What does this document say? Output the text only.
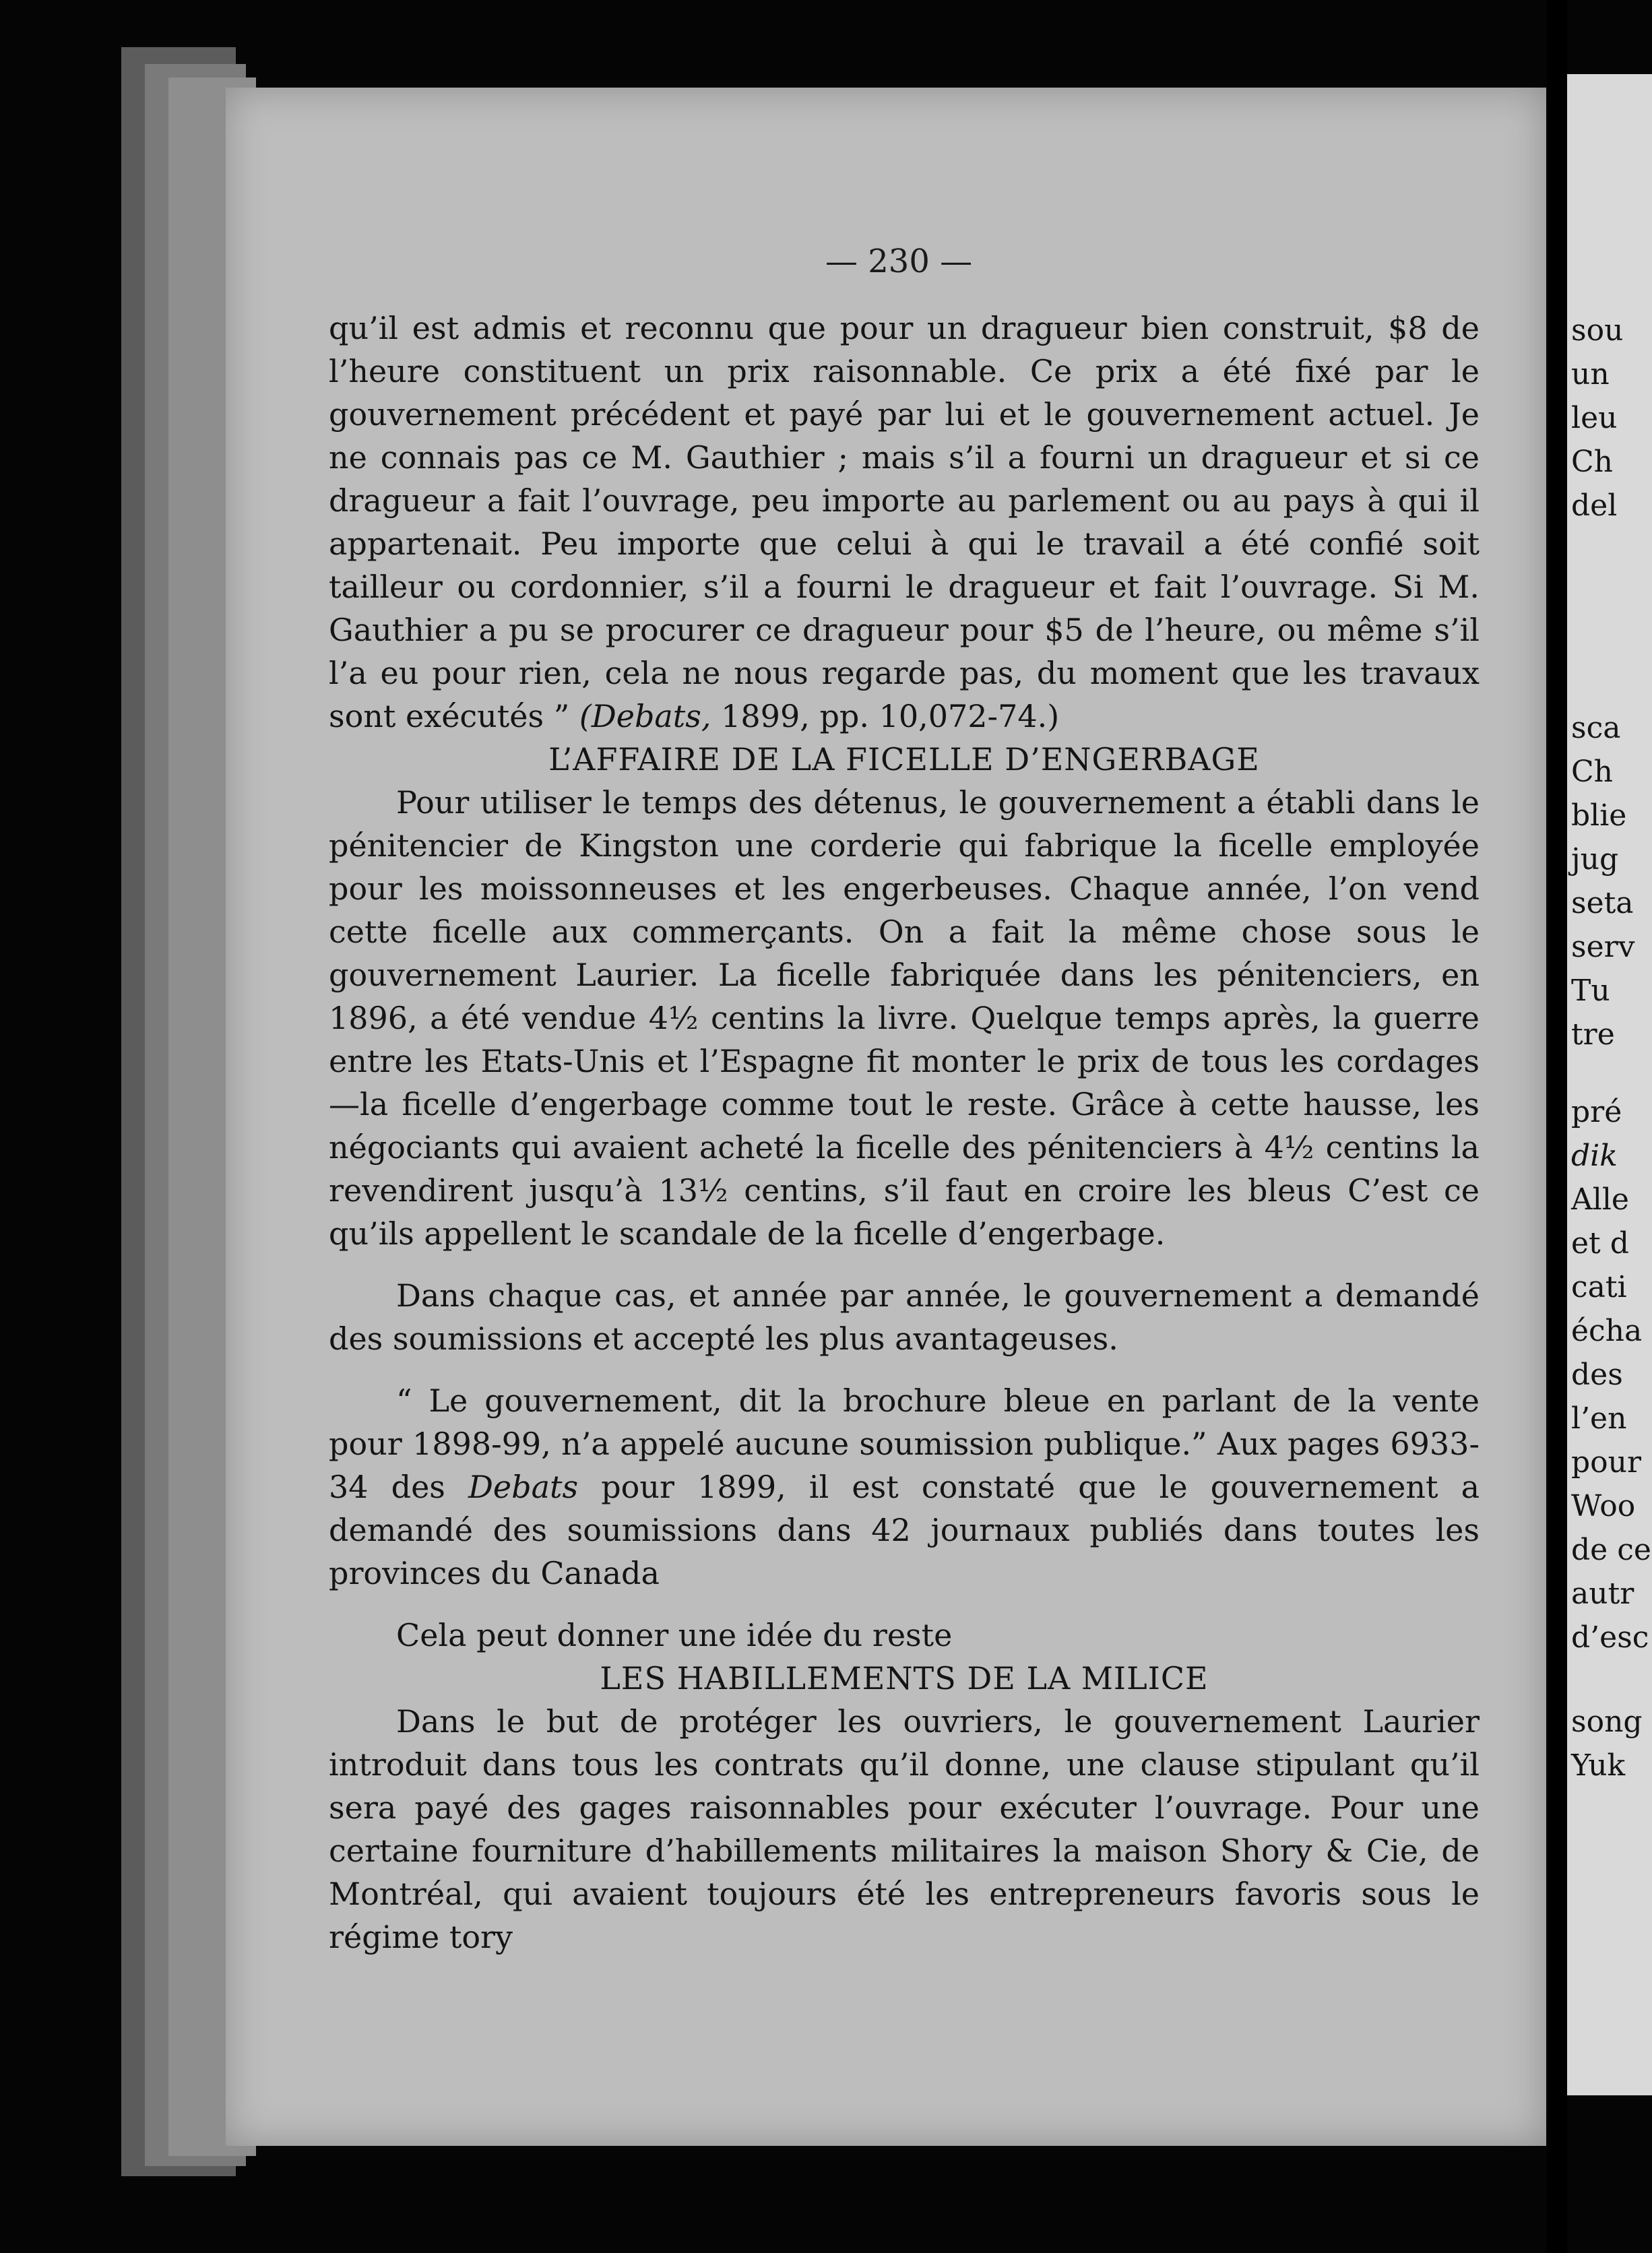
sou
un
leu
Ch
del
sca
Ch
blie
jug
seta
serv
Tu
tre
pré
dik
Alle
et d
cati
écha
des
l’en
pour
Woo
de ce
autr
d’esc
song
Yuk
— 230 —

qu’il est admis et reconnu que pour un dragueur bien construit, $8 de l’heure constituent un prix raisonnable. Ce prix a été fixé par le gouvernement précédent et payé par lui et le gouvernement actuel. Je ne connais pas ce M. Gauthier ; mais s’il a fourni un dragueur et si ce dragueur a fait l’ouvrage, peu importe au parlement ou au pays à qui il appartenait. Peu importe que celui à qui le travail a été confié soit tailleur ou cordonnier, s’il a fourni le dragueur et fait l’ouvrage. Si M. Gauthier a pu se procurer ce dragueur pour $5 de l’heure, ou même s’il l’a eu pour rien, cela ne nous regarde pas, du moment que les travaux sont exécutés ” (Debats, 1899, pp. 10,072-74.)

L’AFFAIRE DE LA FICELLE D’ENGERBAGE

Pour utiliser le temps des détenus, le gouvernement a établi dans le pénitencier de Kingston une corderie qui fabrique la ficelle employée pour les moissonneuses et les engerbeuses. Chaque année, l’on vend cette ficelle aux commerçants. On a fait la même chose sous le gouvernement Laurier. La ficelle fabriquée dans les pénitenciers, en 1896, a été vendue 4½ centins la livre. Quelque temps après, la guerre entre les Etats-Unis et l’Espagne fit monter le prix de tous les cordages—la ficelle d’engerbage comme tout le reste. Grâce à cette hausse, les négociants qui avaient acheté la ficelle des pénitenciers à 4½ centins la revendirent jusqu’à 13½ centins, s’il faut en croire les bleus C’est ce qu’ils appellent le scandale de la ficelle d’engerbage.

Dans chaque cas, et année par année, le gouvernement a demandé des soumissions et accepté les plus avantageuses.

“ Le gouvernement, dit la brochure bleue en parlant de la vente pour 1898-99, n’a appelé aucune soumission publique.” Aux pages 6933-34 des Debats pour 1899, il est constaté que le gouvernement a demandé des soumissions dans 42 journaux publiés dans toutes les provinces du Canada

Cela peut donner une idée du reste

LES HABILLEMENTS DE LA MILICE

Dans le but de protéger les ouvriers, le gouvernement Laurier introduit dans tous les contrats qu’il donne, une clause stipulant qu’il sera payé des gages raisonnables pour exécuter l’ouvrage. Pour une certaine fourniture d’habillements militaires la maison Shory & Cie, de Montréal, qui avaient toujours été les entrepreneurs favoris sous le régime tory
